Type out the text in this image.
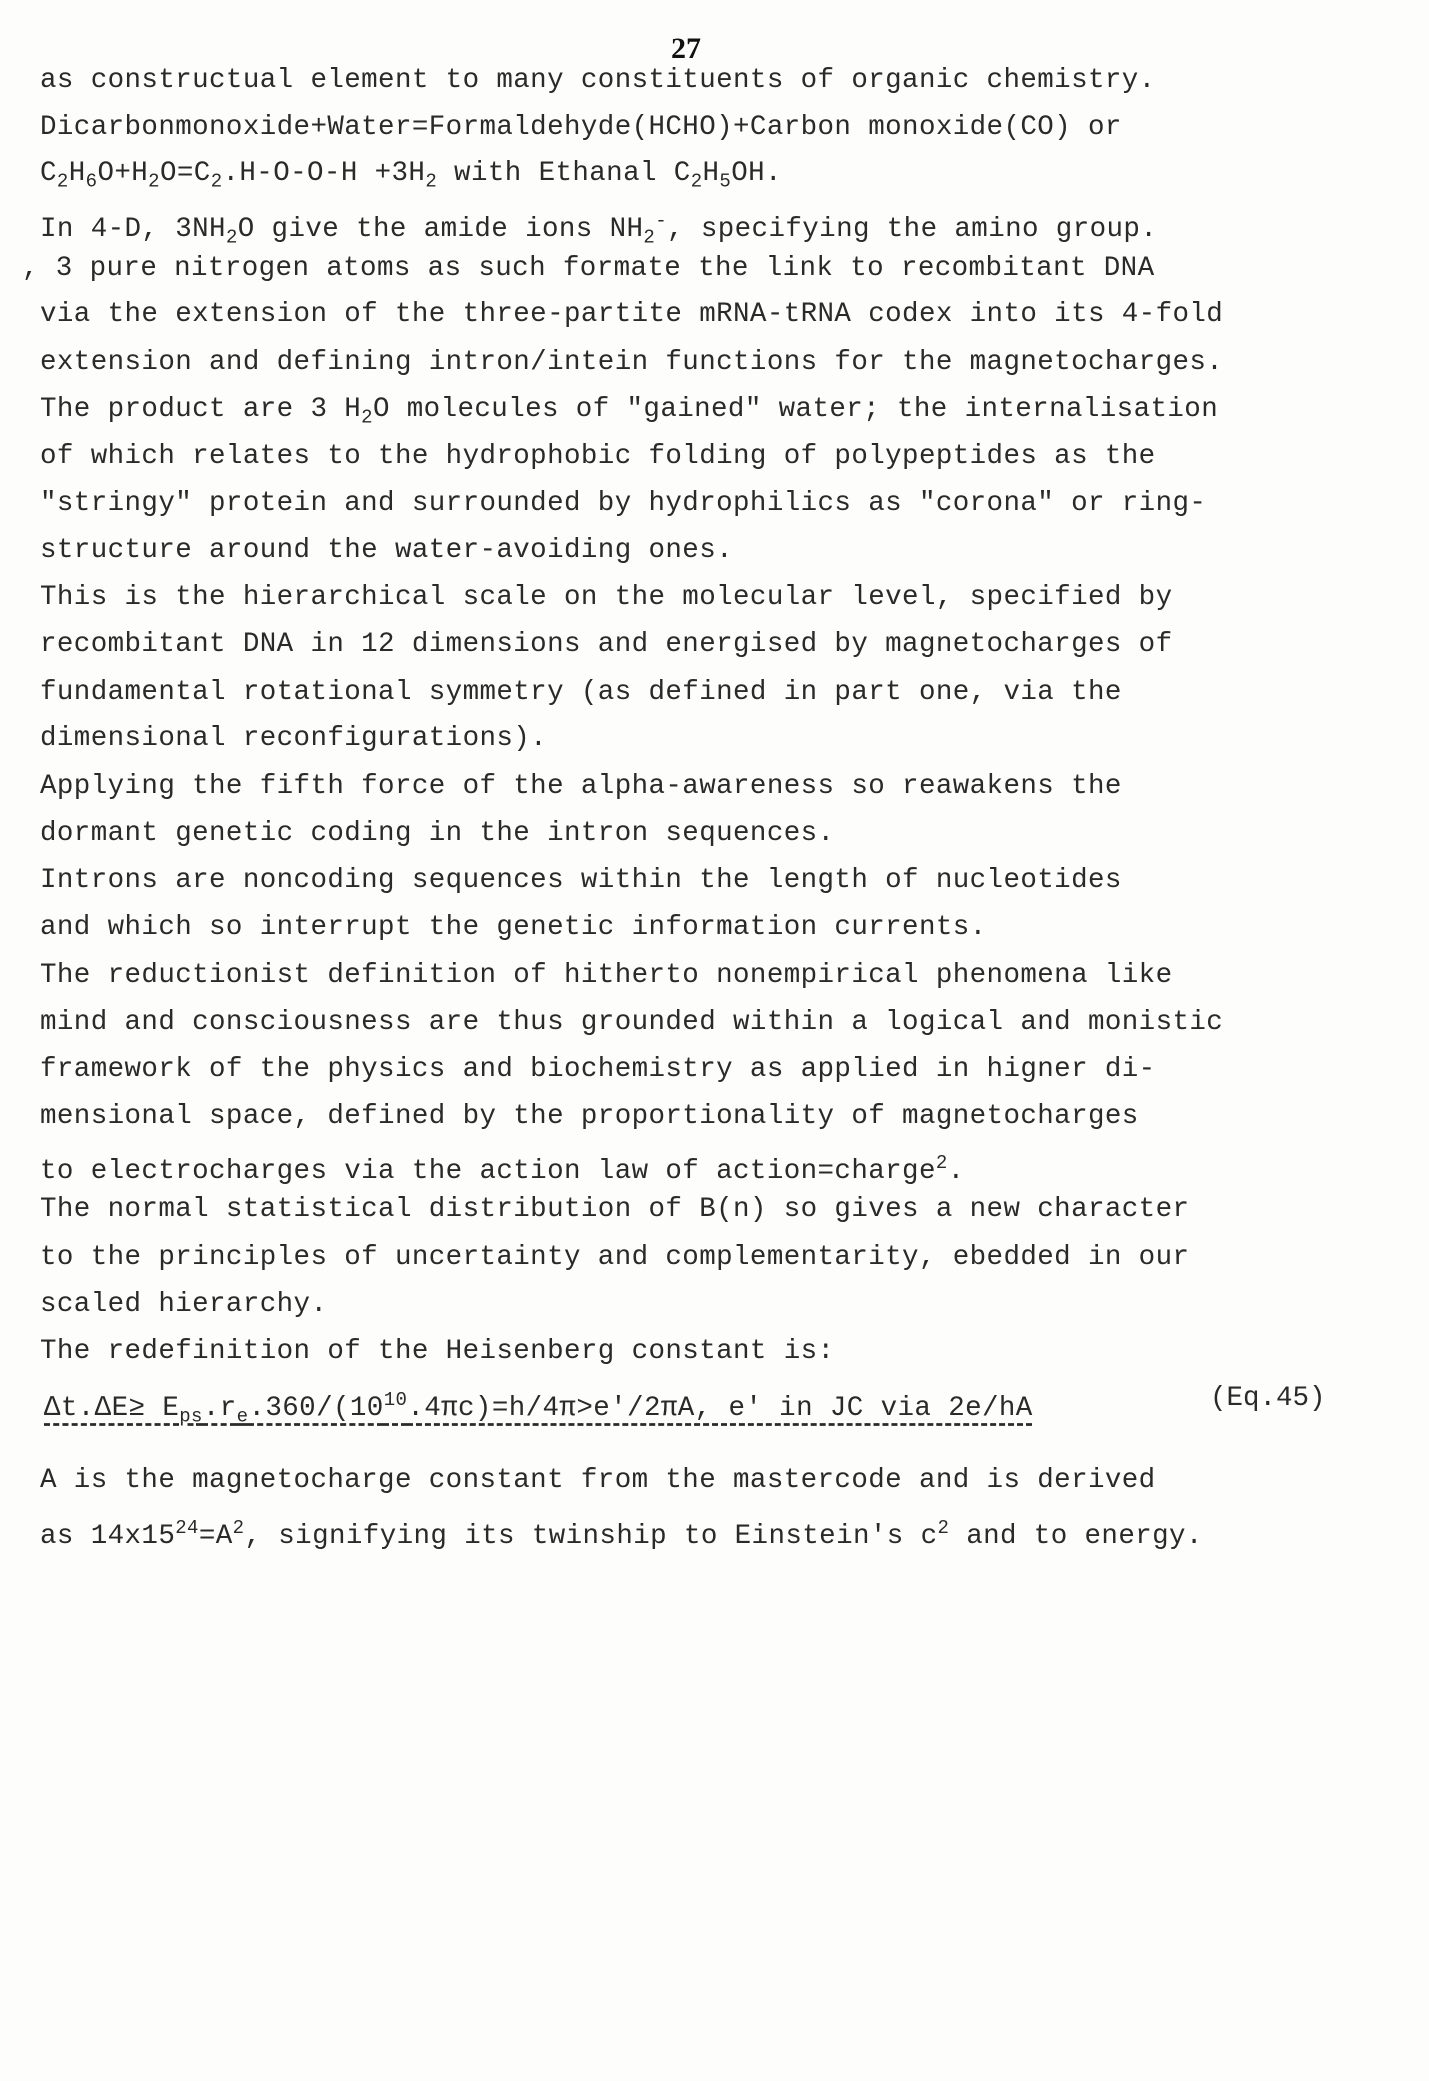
27
as constructual element to many constituents of organic chemistry.
Dicarbonmonoxide+Water=Formaldehyde(HCHO)+Carbon monoxide(CO) or
$C_2H_6O+H_2O=C_2.H-O-O-H +3H_2$ with Ethanal $C_2H_5OH$.
In 4-D, $3NH_2O$ give the amide ions $NH_2^-$, specifying the amino group.
, 3 pure nitrogen atoms as such formate the link to recombitant DNA
via the extension of the three-partite mRNA-tRNA codex into its 4-fold
extension and defining intron/intein functions for the magnetocharges.
The product are 3 $H_2O$ molecules of "gained" water; the internalisation
of which relates to the hydrophobic folding of polypeptides as the
"stringy" protein and surrounded by hydrophilics as "corona" or ring-
structure around the water-avoiding ones.
This is the hierarchical scale on the molecular level, specified by
recombitant DNA in 12 dimensions and energised by magnetocharges of
fundamental rotational symmetry (as defined in part one, via the
dimensional reconfigurations).
Applying the fifth force of the alpha-awareness so reawakens the
dormant genetic coding in the intron sequences.
Introns are noncoding sequences within the length of nucleotides
and which so interrupt the genetic information currents.
The reductionist definition of hitherto nonempirical phenomena like
mind and consciousness are thus grounded within a logical and monistic
framework of the physics and biochemistry as applied in higner di-
mensional space, defined by the proportionality of magnetocharges
to electrocharges via the action law of action=charge$^2$.
The normal statistical distribution of B(n) so gives a new character
to the principles of uncertainty and complementarity, ebedded in our
scaled hierarchy.
The redefinition of the Heisenberg constant is:
$\Delta t.\Delta E\ge E_{ps}.r_e.360/(10^{10}.4\pi c)=h/4\pi>e'/2\pi A$, e' in JC via 2e/hA	(Eq.45)
A is the magnetocharge constant from the mastercode and is derived
as $14x15^{24}=A^2$, signifying its twinship to Einstein's $c^2$ and to energy.
